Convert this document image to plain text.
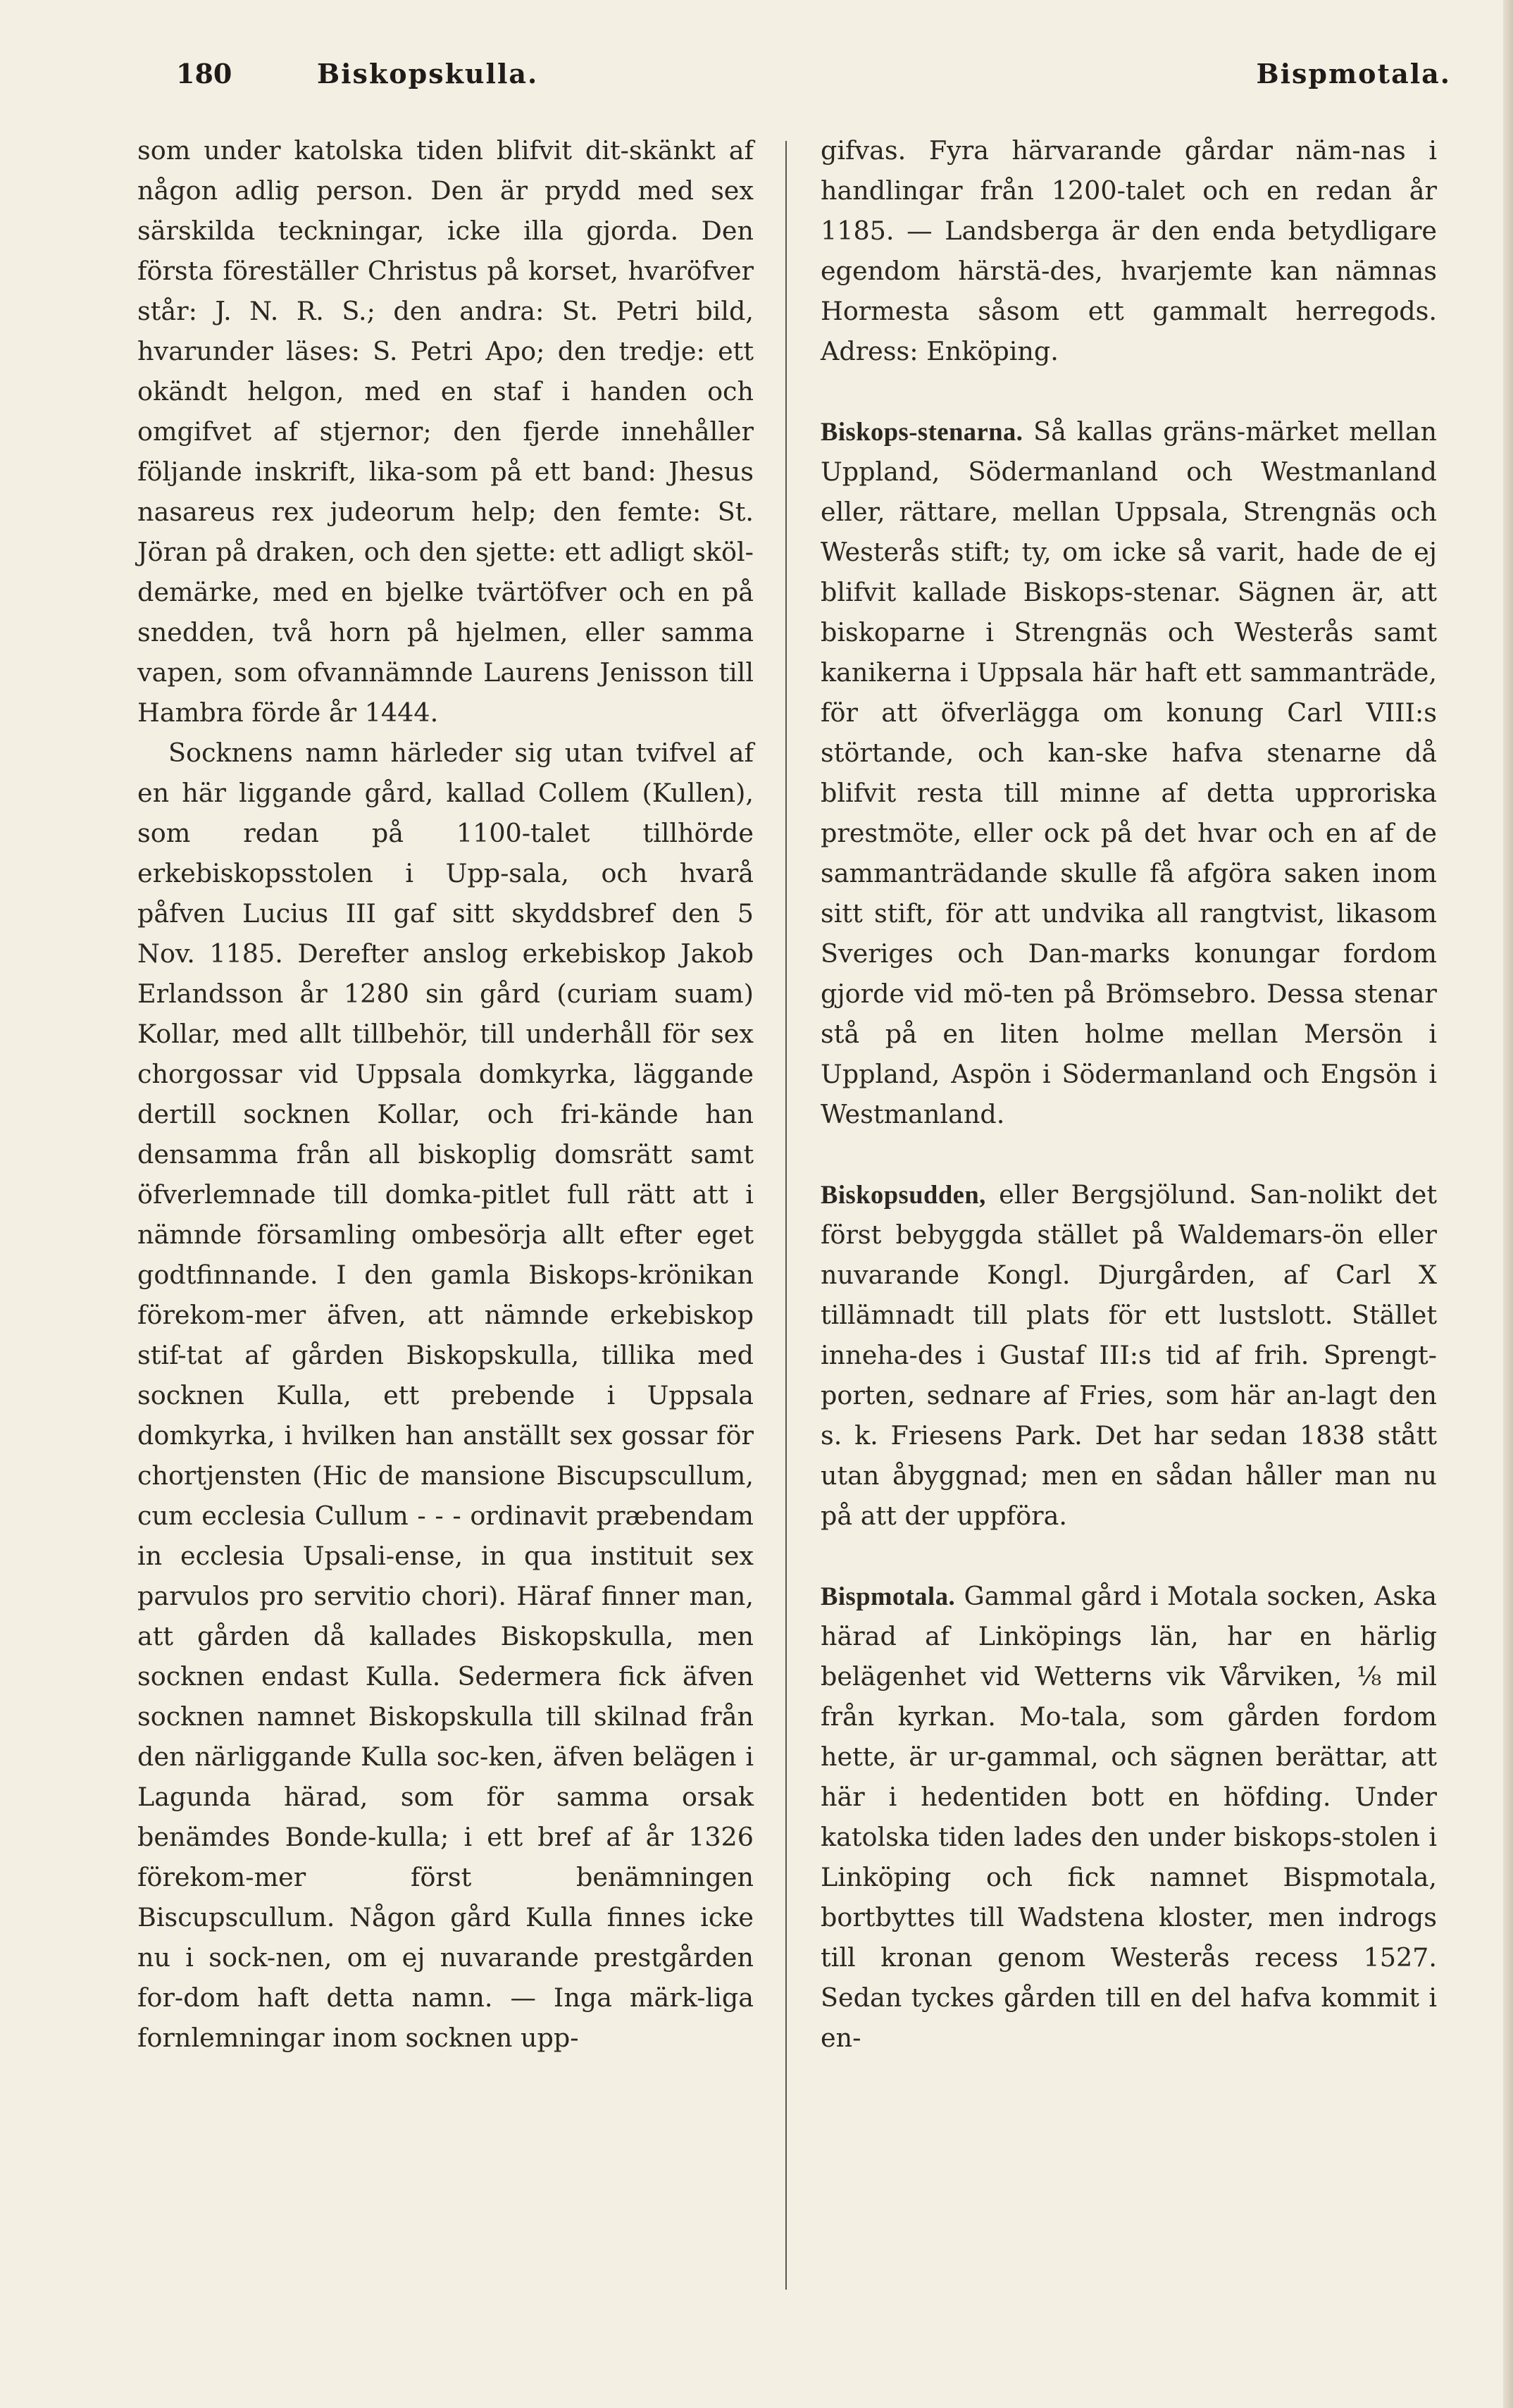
180	Biskopskulla.	Bispmotala.

som under katolska tiden blifvit dit-skänkt af någon adlig person. Den är prydd med sex särskilda teckningar, icke illa gjorda. Den första föreställer Christus på korset, hvaröfver står: J. N. R. S.; den andra: St. Petri bild, hvarunder läses: S. Petri Apo; den tredje: ett okändt helgon, med en staf i handen och omgifvet af stjernor; den fjerde innehåller följande inskrift, lika-som på ett band: Jhesus nasareus rex judeorum help; den femte: St. Jöran på draken, och den sjette: ett adligt sköl-demärke, med en bjelke tvärtöfver och en på snedden, två horn på hjelmen, eller samma vapen, som ofvannämnde Laurens Jenisson till Hambra förde år 1444.

Socknens namn härleder sig utan tvifvel af en här liggande gård, kallad Collem (Kullen), som redan på 1100-talet tillhörde erkebiskopsstolen i Upp-sala, och hvarå påfven Lucius III gaf sitt skyddsbref den 5 Nov. 1185. Derefter anslog erkebiskop Jakob Erlandsson år 1280 sin gård (curiam suam) Kollar, med allt tillbehör, till underhåll för sex chorgossar vid Uppsala domkyrka, läggande dertill socknen Kollar, och fri-kände han densamma från all biskoplig domsrätt samt öfverlemnade till domka-pitlet full rätt att i nämnde församling ombesörja allt efter eget godtfinnande. I den gamla Biskops-krönikan förekom-mer äfven, att nämnde erkebiskop stif-tat af gården Biskopskulla, tillika med socknen Kulla, ett prebende i Uppsala domkyrka, i hvilken han anställt sex gossar för chortjensten (Hic de mansione Biscupscullum, cum ecclesia Cullum - - - ordinavit præbendam in ecclesia Upsali-ense, in qua instituit sex parvulos pro servitio chori). Häraf finner man, att gården då kallades Biskopskulla, men socknen endast Kulla. Sedermera fick äfven socknen namnet Biskopskulla till skilnad från den närliggande Kulla soc-ken, äfven belägen i Lagunda härad, som för samma orsak benämdes Bonde-kulla; i ett bref af år 1326 förekom-mer först benämningen Biscupscullum. Någon gård Kulla finnes icke nu i sock-nen, om ej nuvarande prestgården for-dom haft detta namn. — Inga märk-liga fornlemningar inom socknen upp-

gifvas. Fyra härvarande gårdar näm-nas i handlingar från 1200-talet och en redan år 1185. — Landsberga är den enda betydligare egendom härstä-des, hvarjemte kan nämnas Hormesta såsom ett gammalt herregods. Adress: Enköping.

Biskops-stenarna. Så kallas gräns-märket mellan Uppland, Södermanland och Westmanland eller, rättare, mellan Uppsala, Strengnäs och Westerås stift; ty, om icke så varit, hade de ej blifvit kallade Biskops-stenar. Sägnen är, att biskoparne i Strengnäs och Westerås samt kanikerna i Uppsala här haft ett sammanträde, för att öfverlägga om konung Carl VIII:s störtande, och kan-ske hafva stenarne då blifvit resta till minne af detta upproriska prestmöte, eller ock på det hvar och en af de sammanträdande skulle få afgöra saken inom sitt stift, för att undvika all rangtvist, likasom Sveriges och Dan-marks konungar fordom gjorde vid mö-ten på Brömsebro. Dessa stenar stå på en liten holme mellan Mersön i Uppland, Aspön i Södermanland och Engsön i Westmanland.

Biskopsudden, eller Bergsjölund. San-nolikt det först bebyggda stället på Waldemars-ön eller nuvarande Kongl. Djurgården, af Carl X tillämnadt till plats för ett lustslott. Stället inneha-des i Gustaf III:s tid af frih. Sprengt-porten, sednare af Fries, som här an-lagt den s. k. Friesens Park. Det har sedan 1838 stått utan åbyggnad; men en sådan håller man nu på att der uppföra.

Bispmotala. Gammal gård i Motala socken, Aska härad af Linköpings län, har en härlig belägenhet vid Wetterns vik Vårviken, ⅛ mil från kyrkan. Mo-tala, som gården fordom hette, är ur-gammal, och sägnen berättar, att här i hedentiden bott en höfding. Under katolska tiden lades den under biskops-stolen i Linköping och fick namnet Bispmotala, bortbyttes till Wadstena kloster, men indrogs till kronan genom Westerås recess 1527. Sedan tyckes gården till en del hafva kommit i en-
